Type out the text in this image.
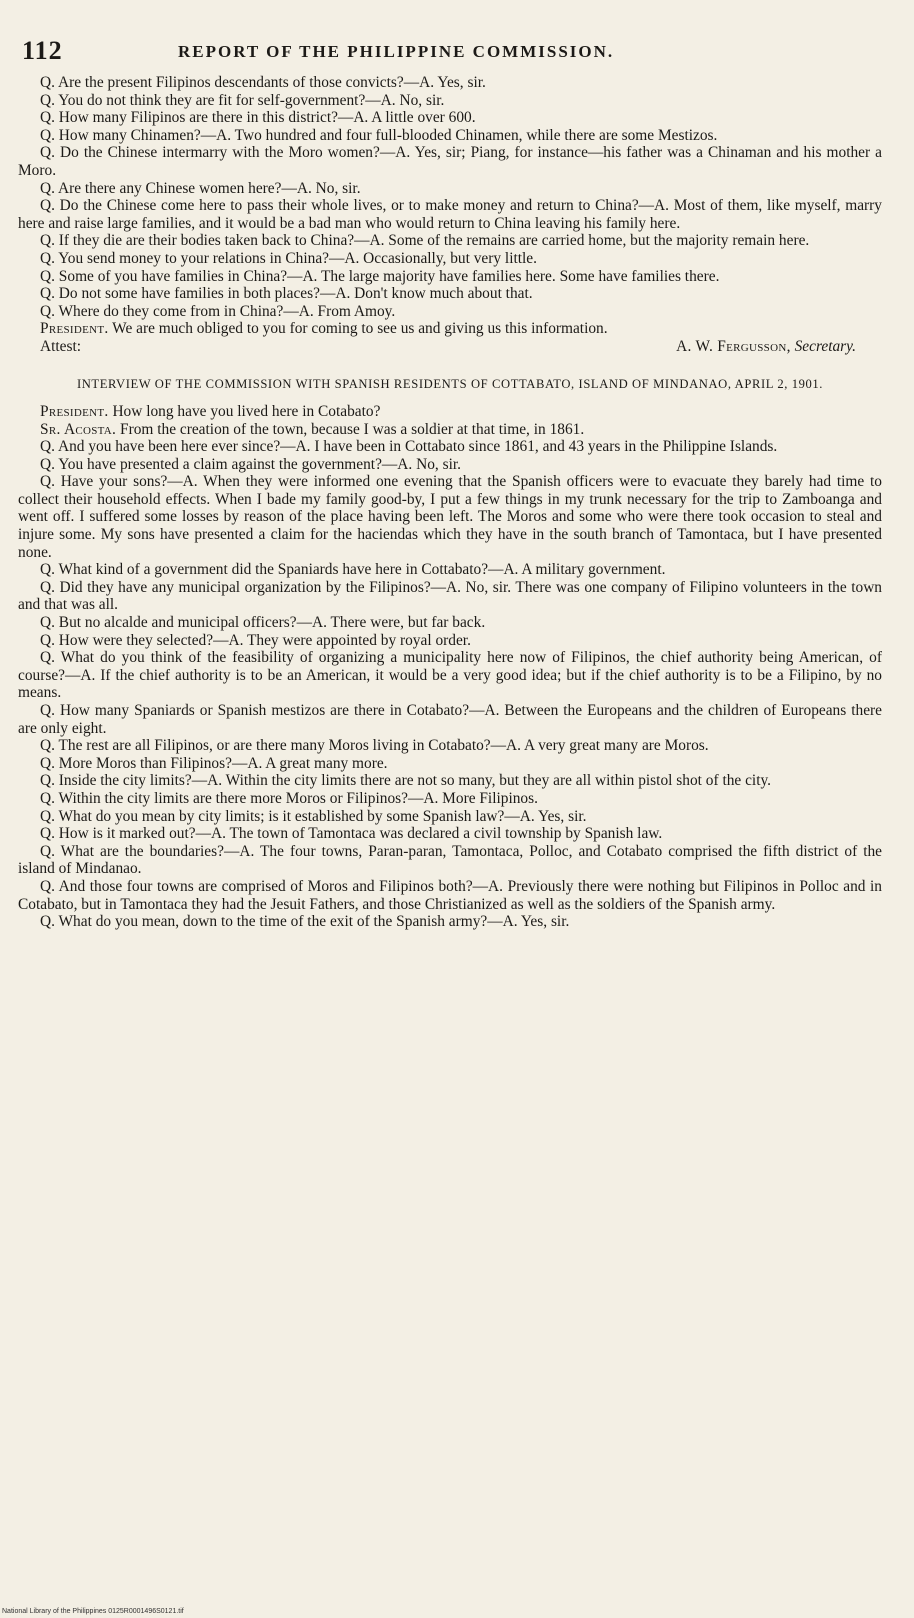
112	REPORT OF THE PHILIPPINE COMMISSION.

Q. Are the present Filipinos descendants of those convicts?—A. Yes, sir.

Q. You do not think they are fit for self-government?—A. No, sir.

Q. How many Filipinos are there in this district?—A. A little over 600.

Q. How many Chinamen?—A. Two hundred and four full-blooded Chinamen, while there are some Mestizos.

Q. Do the Chinese intermarry with the Moro women?—A. Yes, sir; Piang, for instance—his father was a Chinaman and his mother a Moro.

Q. Are there any Chinese women here?—A. No, sir.

Q. Do the Chinese come here to pass their whole lives, or to make money and return to China?—A. Most of them, like myself, marry here and raise large families, and it would be a bad man who would return to China leaving his family here.

Q. If they die are their bodies taken back to China?—A. Some of the remains are carried home, but the majority remain here.

Q. You send money to your relations in China?—A. Occasionally, but very little.

Q. Some of you have families in China?—A. The large majority have families here. Some have families there.

Q. Do not some have families in both places?—A. Don't know much about that.

Q. Where do they come from in China?—A. From Amoy.

President. We are much obliged to you for coming to see us and giving us this information.

Attest:	A. W. Fergusson, Secretary.
INTERVIEW OF THE COMMISSION WITH SPANISH RESIDENTS OF COTTABATO, ISLAND OF MINDANAO, APRIL 2, 1901.

President. How long have you lived here in Cotabato?

Sr. Acosta. From the creation of the town, because I was a soldier at that time, in 1861.

Q. And you have been here ever since?—A. I have been in Cottabato since 1861, and 43 years in the Philippine Islands.

Q. You have presented a claim against the government?—A. No, sir.

Q. Have your sons?—A. When they were informed one evening that the Spanish officers were to evacuate they barely had time to collect their household effects. When I bade my family good-by, I put a few things in my trunk necessary for the trip to Zamboanga and went off. I suffered some losses by reason of the place having been left. The Moros and some who were there took occasion to steal and injure some. My sons have presented a claim for the haciendas which they have in the south branch of Tamontaca, but I have presented none.

Q. What kind of a government did the Spaniards have here in Cottabato?—A. A military government.

Q. Did they have any municipal organization by the Filipinos?—A. No, sir. There was one company of Filipino volunteers in the town and that was all.

Q. But no alcalde and municipal officers?—A. There were, but far back.

Q. How were they selected?—A. They were appointed by royal order.

Q. What do you think of the feasibility of organizing a municipality here now of Filipinos, the chief authority being American, of course?—A. If the chief authority is to be an American, it would be a very good idea; but if the chief authority is to be a Filipino, by no means.

Q. How many Spaniards or Spanish mestizos are there in Cotabato?—A. Between the Europeans and the children of Europeans there are only eight.

Q. The rest are all Filipinos, or are there many Moros living in Cotabato?—A. A very great many are Moros.

Q. More Moros than Filipinos?—A. A great many more.

Q. Inside the city limits?—A. Within the city limits there are not so many, but they are all within pistol shot of the city.

Q. Within the city limits are there more Moros or Filipinos?—A. More Filipinos.

Q. What do you mean by city limits; is it established by some Spanish law?—A. Yes, sir.

Q. How is it marked out?—A. The town of Tamontaca was declared a civil township by Spanish law.

Q. What are the boundaries?—A. The four towns, Paran-paran, Tamontaca, Polloc, and Cotabato comprised the fifth district of the island of Mindanao.

Q. And those four towns are comprised of Moros and Filipinos both?—A. Previously there were nothing but Filipinos in Polloc and in Cotabato, but in Tamontaca they had the Jesuit Fathers, and those Christianized as well as the soldiers of the Spanish army.

Q. What do you mean, down to the time of the exit of the Spanish army?—A. Yes, sir.

National Library of the Philippines 0125R0001496S0121.tif
